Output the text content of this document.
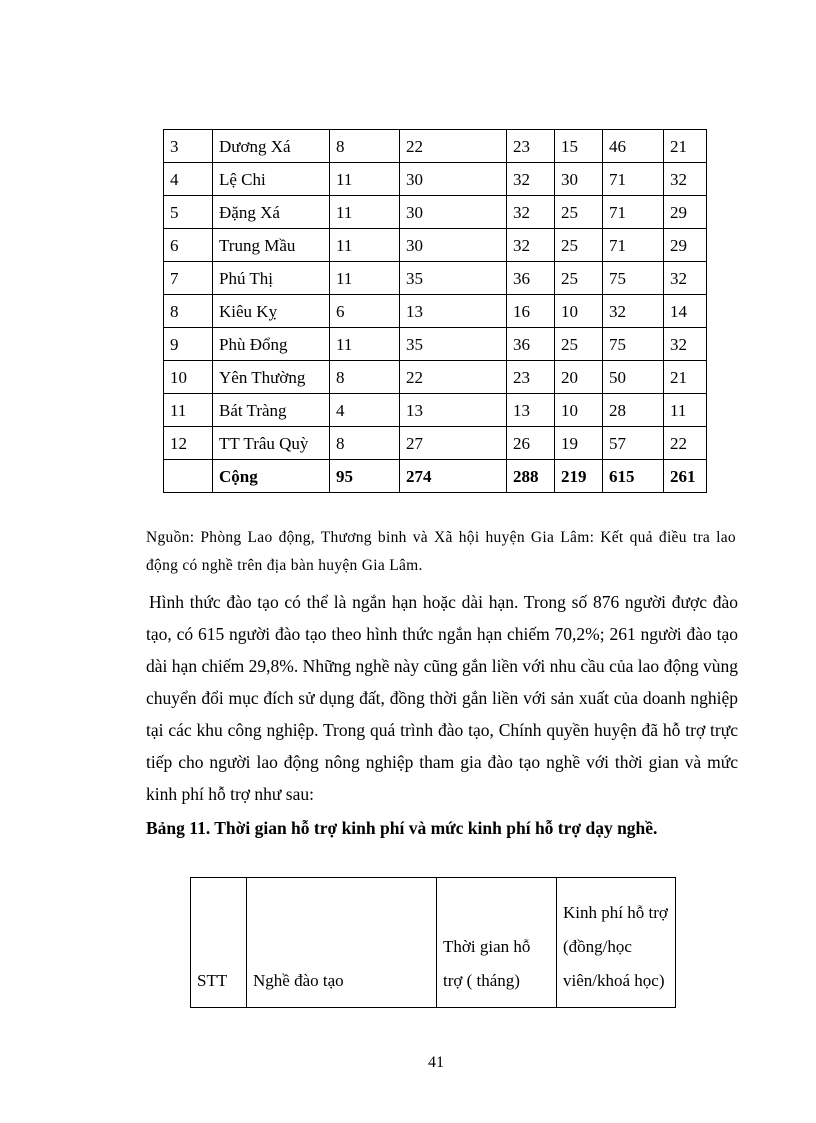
3	Dương Xá	8	22	23	15	46	21
4	Lệ Chi	11	30	32	30	71	32
5	Đặng Xá	11	30	32	25	71	29
6	Trung Mầu	11	30	32	25	71	29
7	Phú Thị	11	35	36	25	75	32
8	Kiêu Kỵ	6	13	16	10	32	14
9	Phù Đổng	11	35	36	25	75	32
10	Yên Thường	8	22	23	20	50	21
11	Bát Tràng	4	13	13	10	28	11
12	TT Trâu Quỳ	8	27	26	19	57	22
	Cộng	95	274	288	219	615	261
Nguồn: Phòng Lao động, Thương binh và Xã hội huyện Gia Lâm: Kết quả điều tra lao động có nghề trên địa bàn huyện Gia Lâm.

Hình thức đào tạo có thể là ngắn hạn hoặc dài hạn. Trong số 876 người được đào tạo, có 615 người đào tạo theo hình thức ngắn hạn chiếm 70,2%; 261 người đào tạo dài hạn chiếm 29,8%. Những nghề này cũng gắn liền với nhu cầu của lao động vùng chuyển đổi mục đích sử dụng đất, đồng thời gắn liền với sản xuất của doanh nghiệp tại các khu công nghiệp. Trong quá trình đào tạo, Chính quyền huyện đã hỗ trợ trực tiếp cho người lao động nông nghiệp tham gia đào tạo nghề với thời gian và mức kinh phí hỗ trợ như sau:

Bảng 11. Thời gian hỗ trợ kinh phí và mức kinh phí hỗ trợ dạy nghề.
STT	Nghề đào tạo	Thời gian hỗ trợ ( tháng)	Kinh phí hỗ trợ (đồng/học viên/khoá học)
41
